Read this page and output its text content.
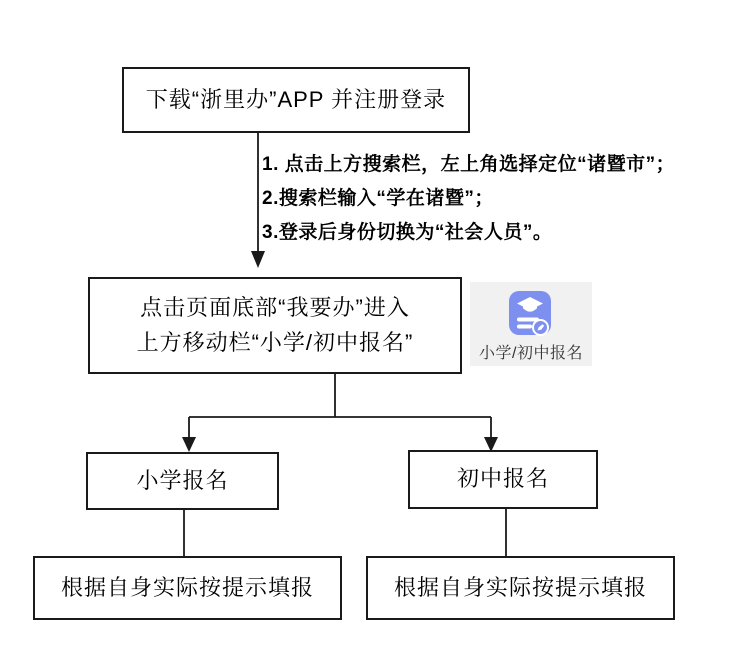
下载“浙里办”APP 并注册登录
1. 点击上方搜索栏，左上角选择定位“诸暨市”；
2.搜索栏输入“学在诸暨”；
3.登录后身份切换为“社会人员”。
点击页面底部“我要办”进入
上方移动栏“小学/初中报名”	小学/初中报名
小学报名	初中报名
根据自身实际按提示填报	根据自身实际按提示填报
